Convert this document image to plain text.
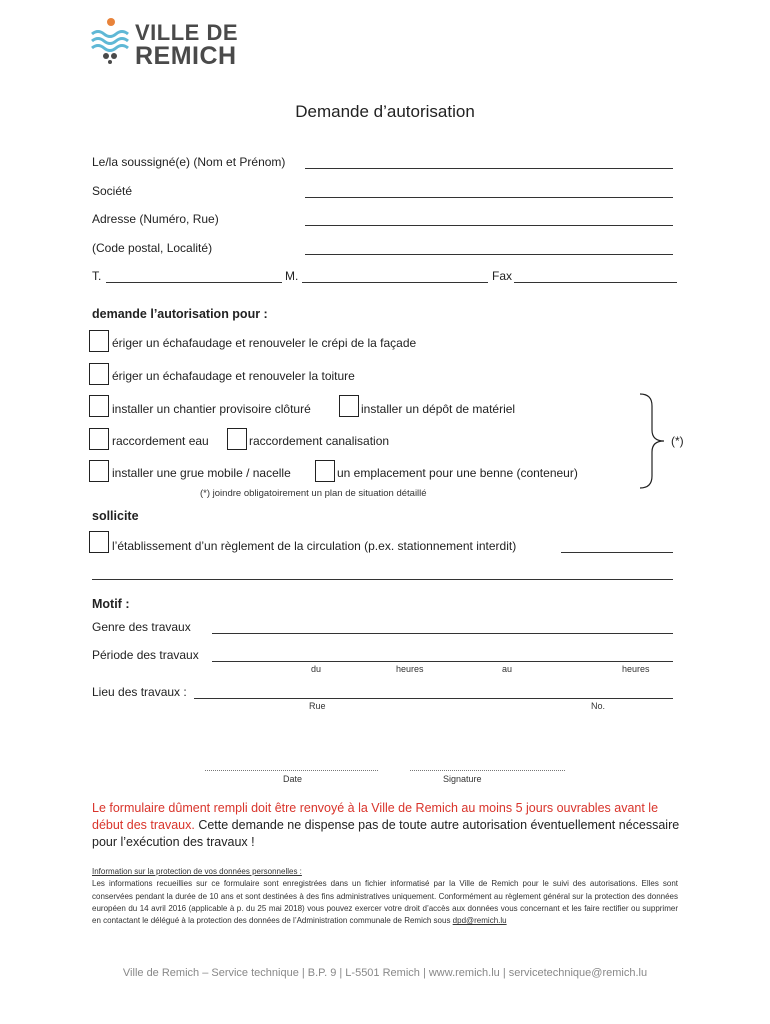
VILLE DE
REMICH
Demande d’autorisation
Le/la soussigné(e) (Nom et Prénom)
Société
Adresse (Numéro, Rue)
(Code postal, Localité)
T.	M.	Fax
demande l’autorisation pour :
ériger un échafaudage et renouveler le crépi de la façade
ériger un échafaudage et renouveler la toiture
installer un chantier provisoire clôturé	installer un dépôt de matériel
raccordement eau	raccordement canalisation
installer une grue mobile / nacelle	un emplacement pour une benne (conteneur)
(*)
(*) joindre obligatoirement un plan de situation détaillé
sollicite
l’établissement d’un règlement de la circulation (p.ex. stationnement interdit)
Motif :
Genre des travaux
Période des travaux
du	heures	au	heures
Lieu des travaux :
Rue	No.
Date	Signature
Le formulaire dûment rempli doit être renvoyé à la Ville de Remich au moins 5 jours ouvrables avant le début des travaux. Cette demande ne dispense pas de toute autre autorisation éventuellement nécessaire pour l’exécution des travaux !
Information sur la protection de vos données personnelles :
Les informations recueillies sur ce formulaire sont enregistrées dans un fichier informatisé par la Ville de Remich pour le suivi des autorisations. Elles sont conservées pendant la durée de 10 ans et sont destinées à des fins administratives uniquement. Conformément au règlement général sur la protection des données européen du 14 avril 2016 (applicable à p. du 25 mai 2018) vous pouvez exercer votre droit d’accès aux données vous concernant et les faire rectifier ou supprimer en contactant le délégué à la protection des données de l’Administration communale de Remich sous dpd@remich.lu
Ville de Remich – Service technique | B.P. 9 | L-5501 Remich | www.remich.lu | servicetechnique@remich.lu
